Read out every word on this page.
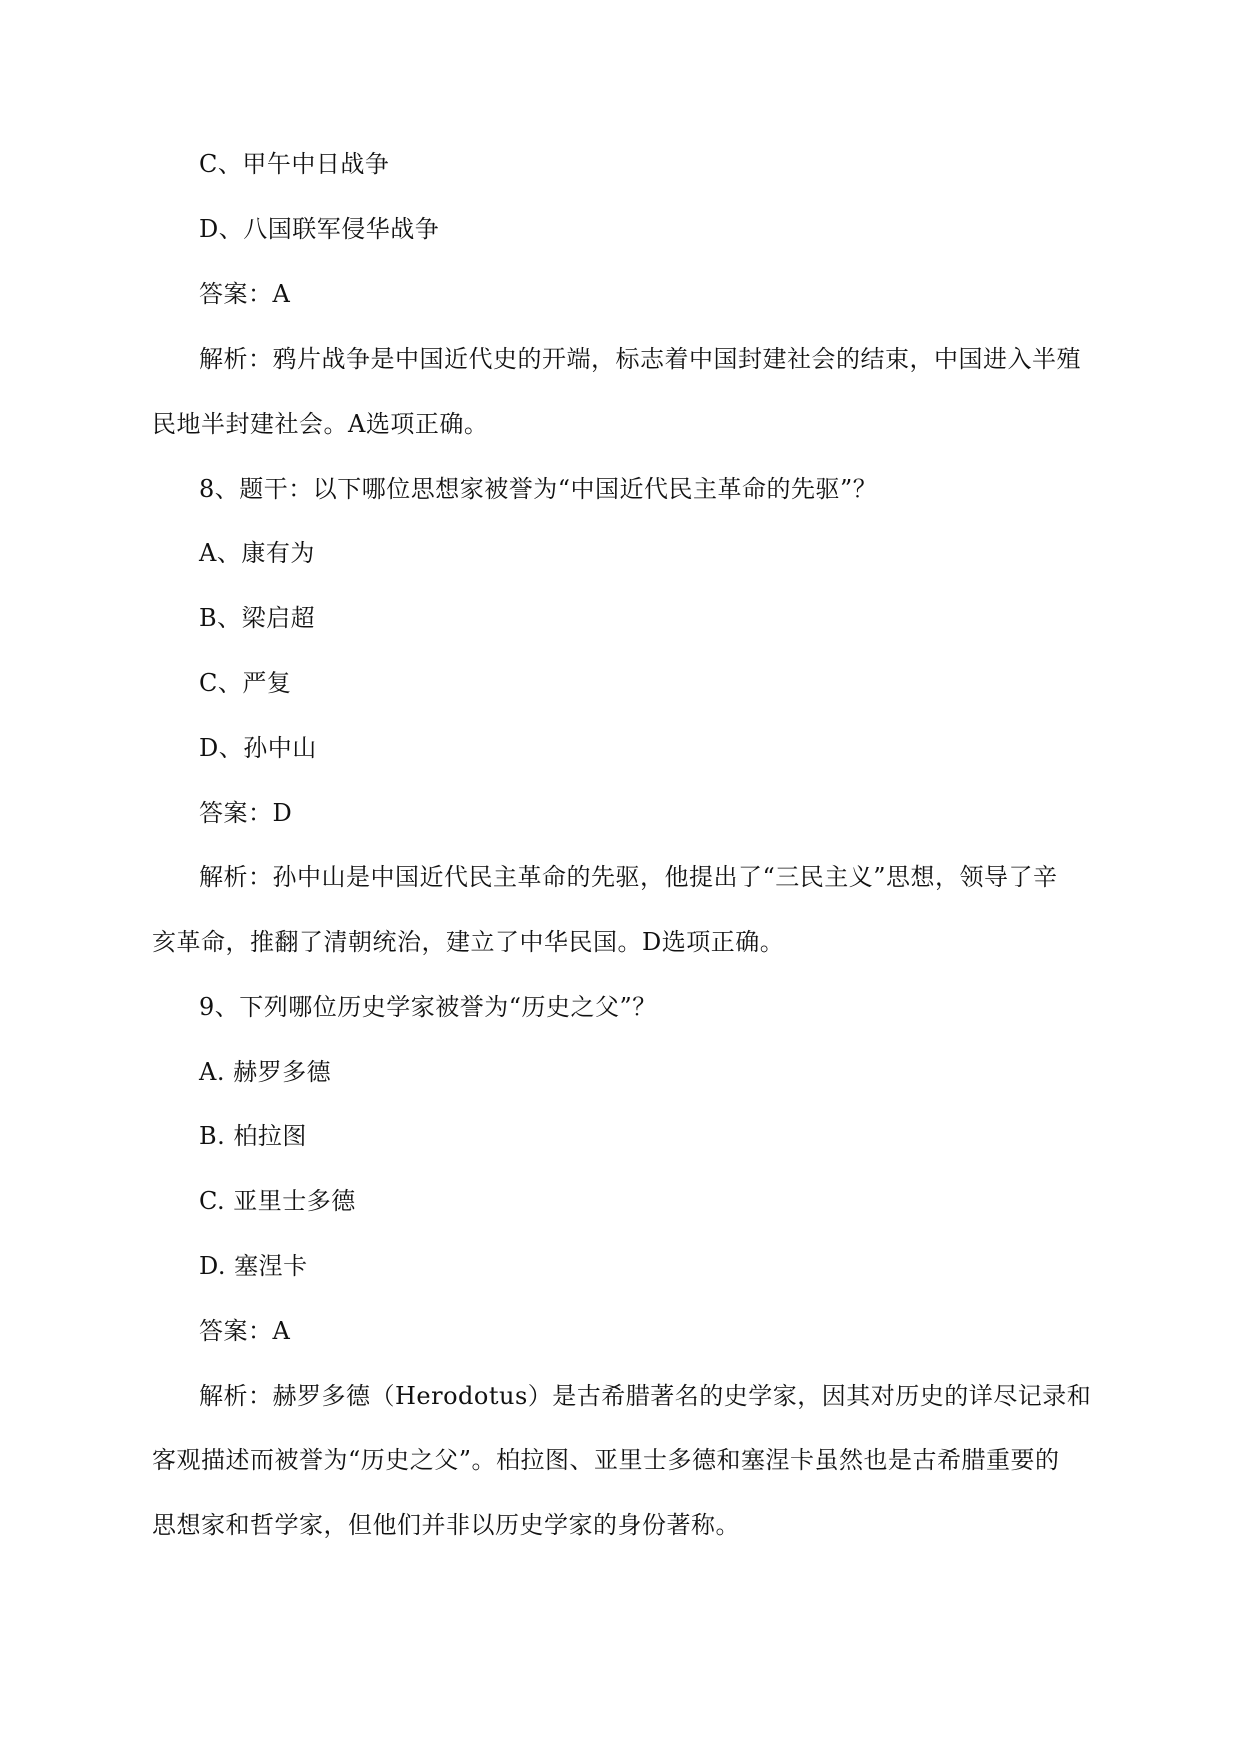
C、甲午中日战争
D、八国联军侵华战争
答案：A
解析：鸦片战争是中国近代史的开端，标志着中国封建社会的结束，中国进入半殖
民地半封建社会。A选项正确。
8、题干：以下哪位思想家被誉为“中国近代民主革命的先驱”？
A、康有为
B、梁启超
C、严复
D、孙中山
答案：D
解析：孙中山是中国近代民主革命的先驱，他提出了“三民主义”思想，领导了辛
亥革命，推翻了清朝统治，建立了中华民国。D选项正确。
9、下列哪位历史学家被誉为“历史之父”？
A. 赫罗多德
B. 柏拉图
C. 亚里士多德
D. 塞涅卡
答案：A
解析：赫罗多德（Herodotus）是古希腊著名的史学家，因其对历史的详尽记录和
客观描述而被誉为“历史之父”。柏拉图、亚里士多德和塞涅卡虽然也是古希腊重要的
思想家和哲学家，但他们并非以历史学家的身份著称。
